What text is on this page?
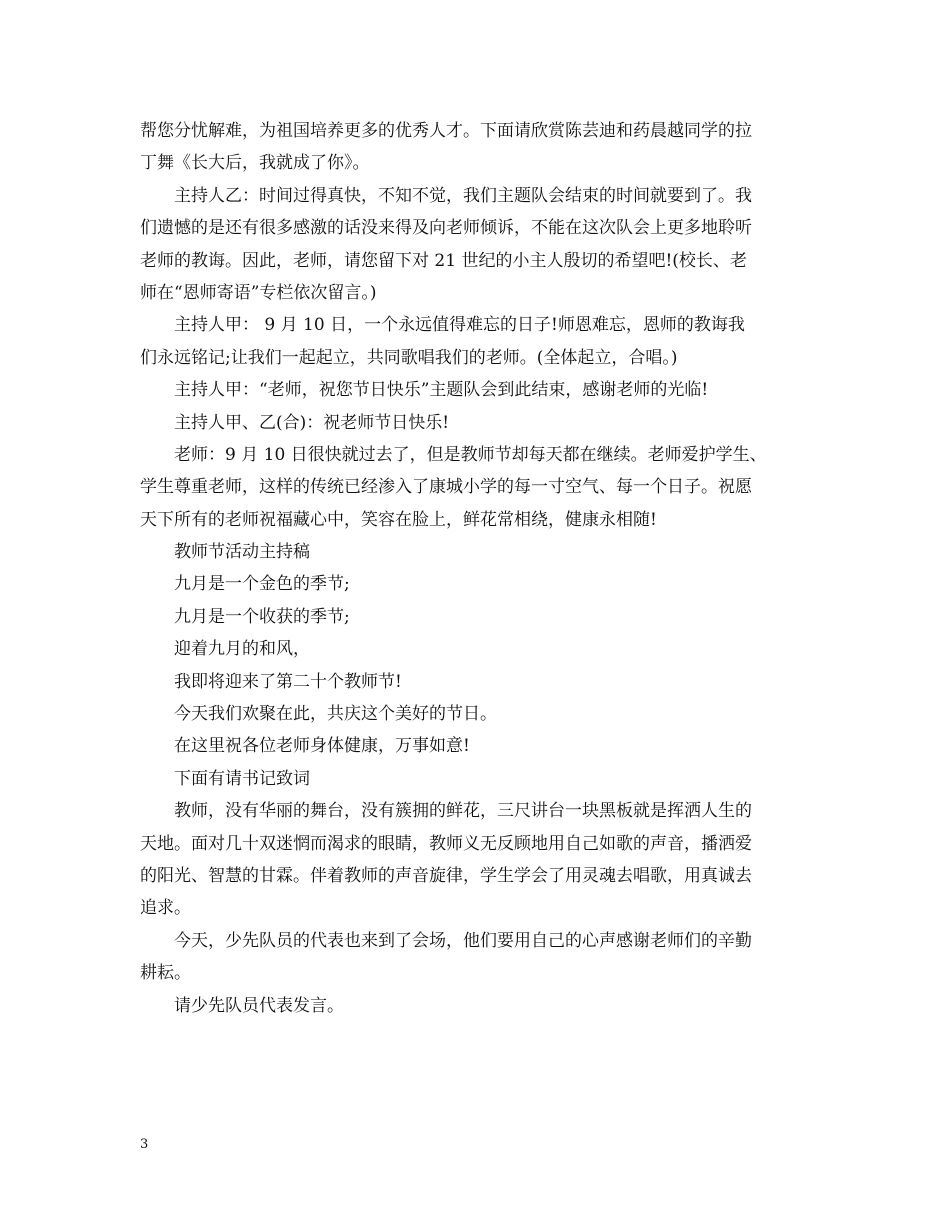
帮您分忧解难，为祖国培养更多的优秀人才。下面请欣赏陈芸迪和药晨越同学的拉
丁舞《长大后，我就成了你》。
主持人乙：时间过得真快，不知不觉，我们主题队会结束的时间就要到了。我
们遗憾的是还有很多感激的话没来得及向老师倾诉，不能在这次队会上更多地聆听
老师的教诲。因此，老师，请您留下对 21 世纪的小主人殷切的希望吧!(校长、老
师在“恩师寄语”专栏依次留言。)
主持人甲： 9 月 10 日，一个永远值得难忘的日子!师恩难忘，恩师的教诲我
们永远铭记;让我们一起起立，共同歌唱我们的老师。(全体起立，合唱。)
主持人甲：“老师，祝您节日快乐”主题队会到此结束，感谢老师的光临!
主持人甲、乙(合)：祝老师节日快乐!
老师：9 月 10 日很快就过去了，但是教师节却每天都在继续。老师爱护学生、
学生尊重老师，这样的传统已经渗入了康城小学的每一寸空气、每一个日子。祝愿
天下所有的老师祝福藏心中，笑容在脸上，鲜花常相绕，健康永相随!
教师节活动主持稿
九月是一个金色的季节;
九月是一个收获的季节;
迎着九月的和风，
我即将迎来了第二十个教师节!
今天我们欢聚在此，共庆这个美好的节日。
在这里祝各位老师身体健康，万事如意!
下面有请书记致词
教师，没有华丽的舞台，没有簇拥的鲜花，三尺讲台一块黑板就是挥洒人生的
天地。面对几十双迷惘而渴求的眼睛，教师义无反顾地用自己如歌的声音，播洒爱
的阳光、智慧的甘霖。伴着教师的声音旋律，学生学会了用灵魂去唱歌，用真诚去
追求。
今天，少先队员的代表也来到了会场，他们要用自己的心声感谢老师们的辛勤
耕耘。
请少先队员代表发言。
3
